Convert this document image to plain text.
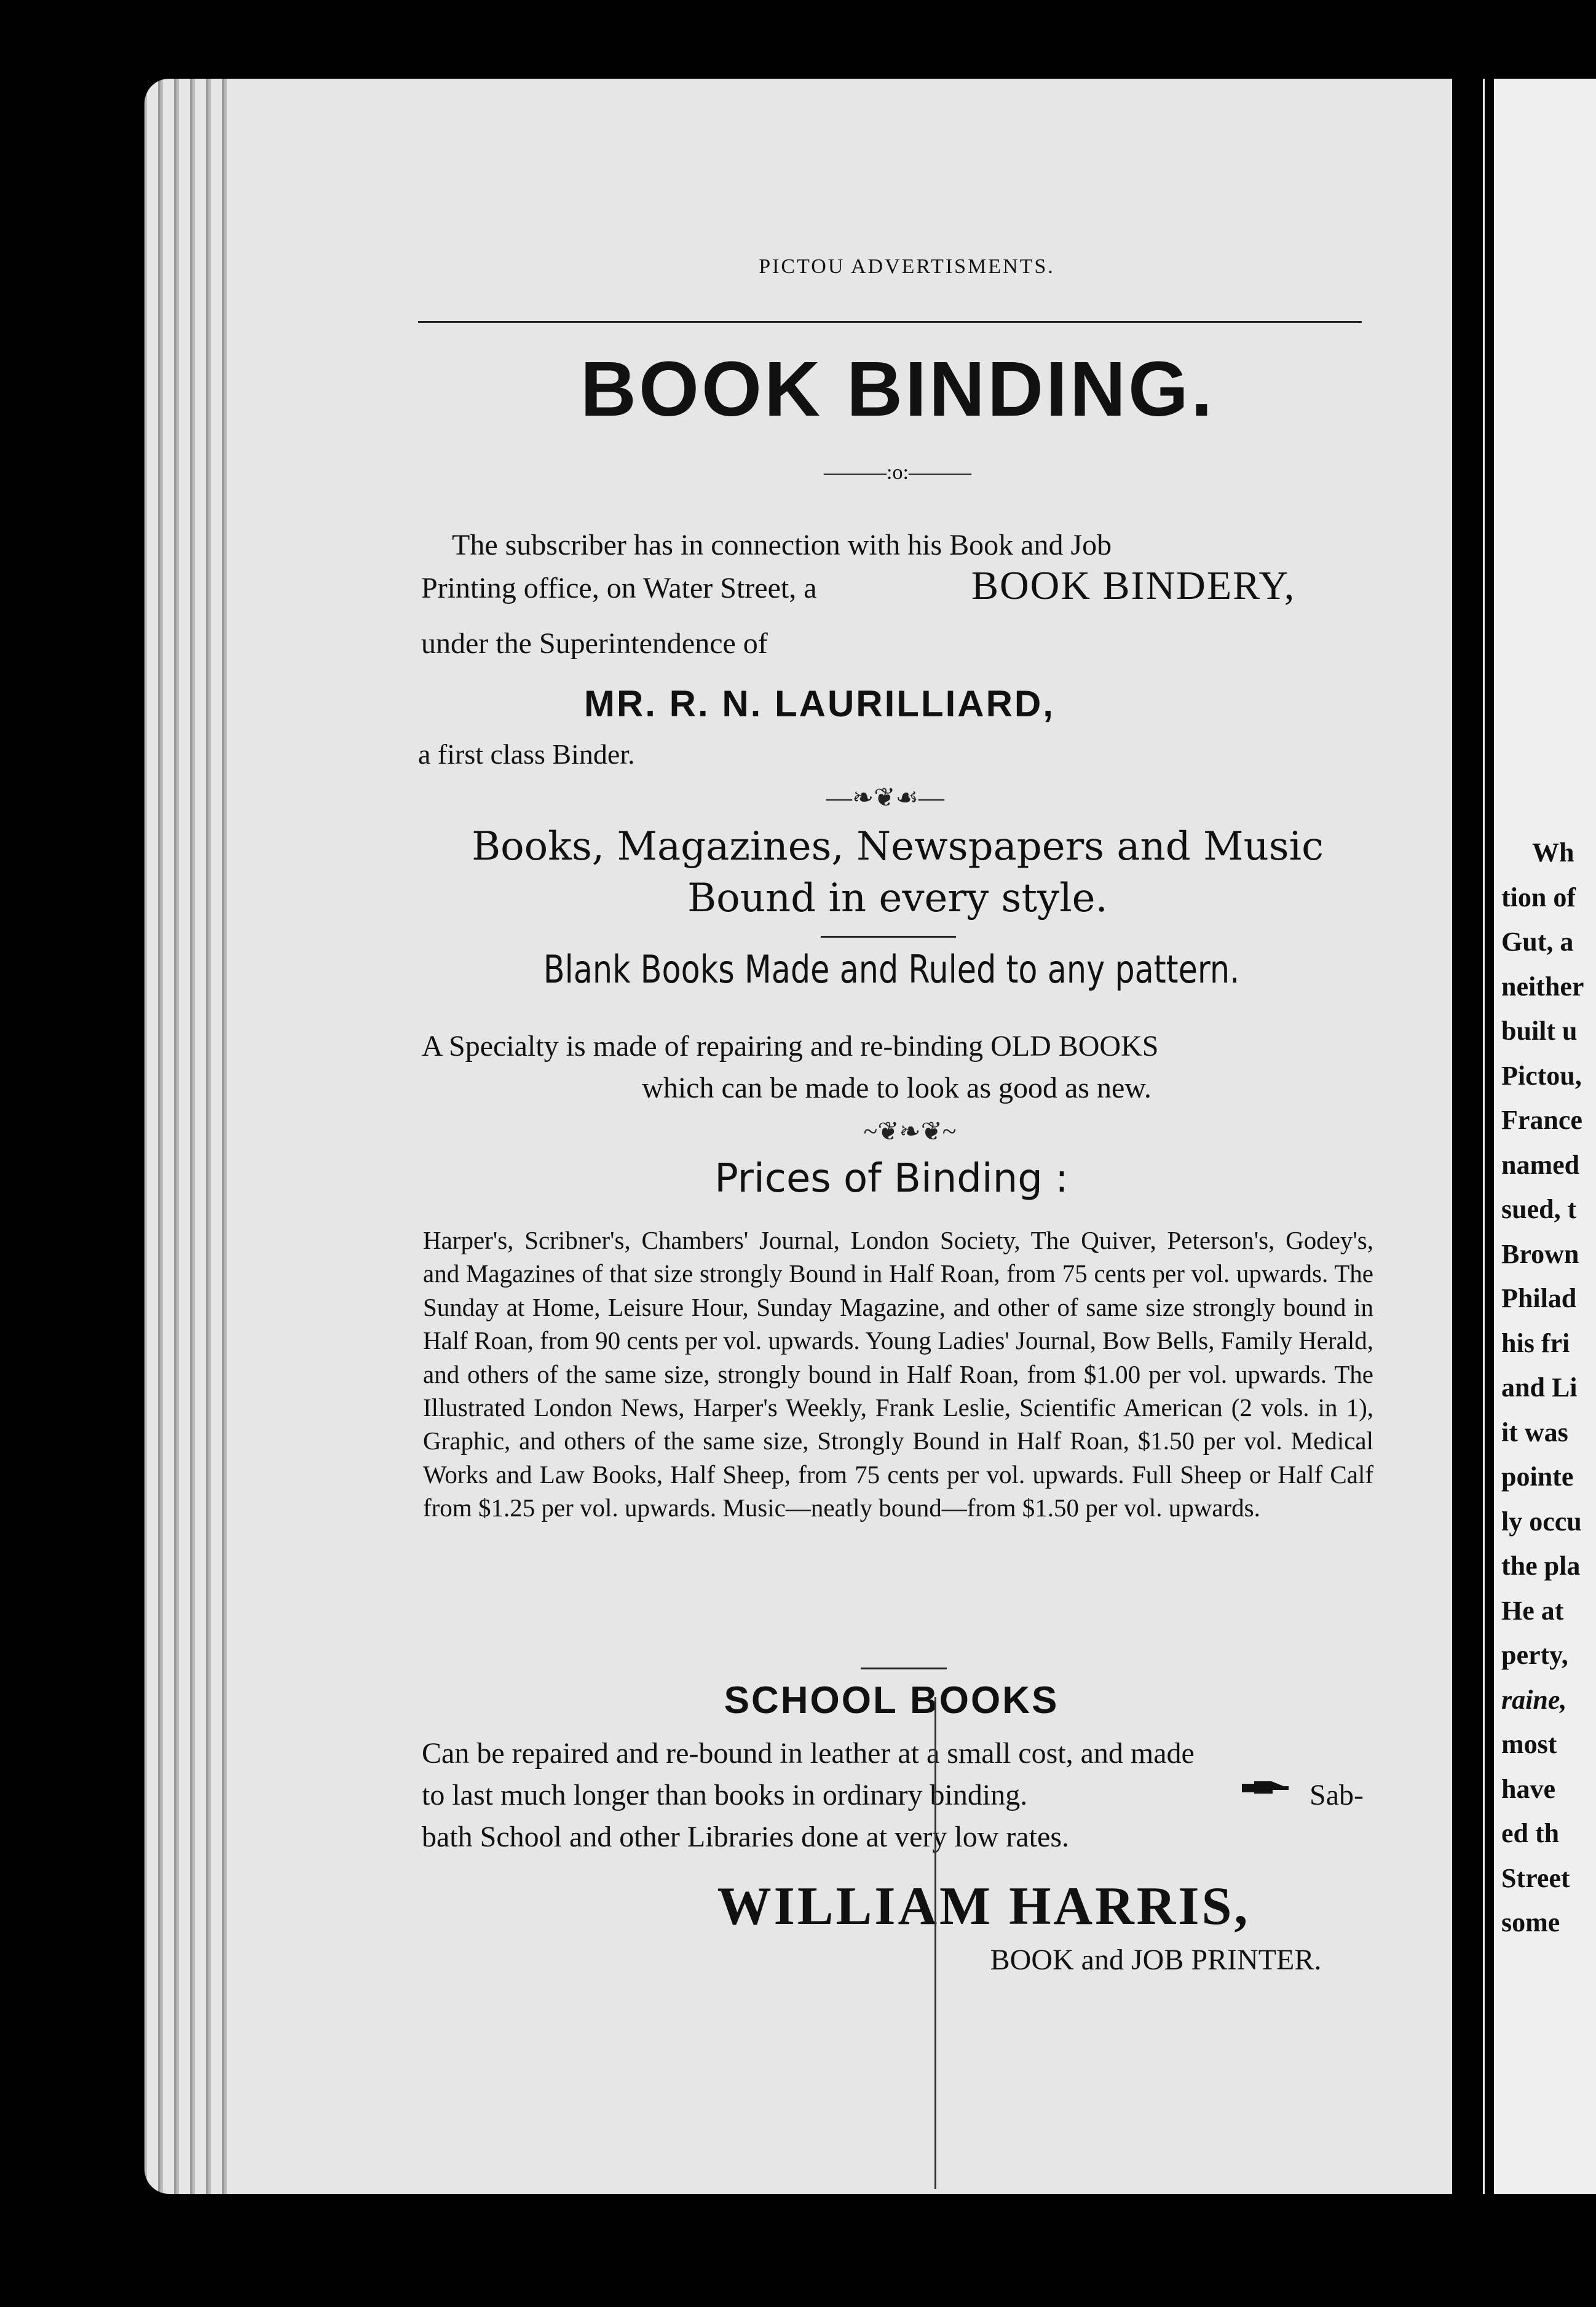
Wh
tion of
Gut, a
neither
built u
Pictou,
France
named
sued, t
Brown
Philad
his fri
and Li
it was
pointe
ly occu
the pla
He at
perty,
raine,
most
have
ed th
Street
some
PICTOU ADVERTISMENTS.
BOOK BINDING.
———:o:———
The subscriber has in connection with his Book and Job
Printing office, on Water Street, a	BOOK BINDERY,
under the Superintendence of
MR. R. N. LAURILLIARD,
a first class Binder.
—❧❦☙—
Books, Magazines, Newspapers and Music
Bound in every style.
Blank Books Made and Ruled to any pattern.
A Specialty is made of repairing and re-binding OLD BOOKS
which can be made to look as good as new.
~❦❧❦~
Prices of Binding :
Harper's, Scribner's, Chambers' Journal, London Society, The Quiver, Peterson's, Godey's, and Magazines of that size strongly Bound in Half Roan, from 75 cents per vol. upwards. The Sunday at Home, Leisure Hour, Sunday Magazine, and other of same size strongly bound in Half Roan, from 90 cents per vol. upwards. Young Ladies' Journal, Bow Bells, Family Herald, and others of the same size, strongly bound in Half Roan, from $1.00 per vol. upwards. The Illustrated London News, Harper's Weekly, Frank Leslie, Scientific American (2 vols. in 1), Graphic, and others of the same size, Strongly Bound in Half Roan, $1.50 per vol. Medical Works and Law Books, Half Sheep, from 75 cents per vol. upwards. Full Sheep or Half Calf from $1.25 per vol. upwards. Music—neatly bound—from $1.50 per vol. upwards.
SCHOOL BOOKS
Can be repaired and re-bound in leather at a small cost, and made
to last much longer than books in ordinary binding.	Sab-
bath School and other Libraries done at very low rates.
WILLIAM HARRIS,
BOOK and JOB PRINTER.
